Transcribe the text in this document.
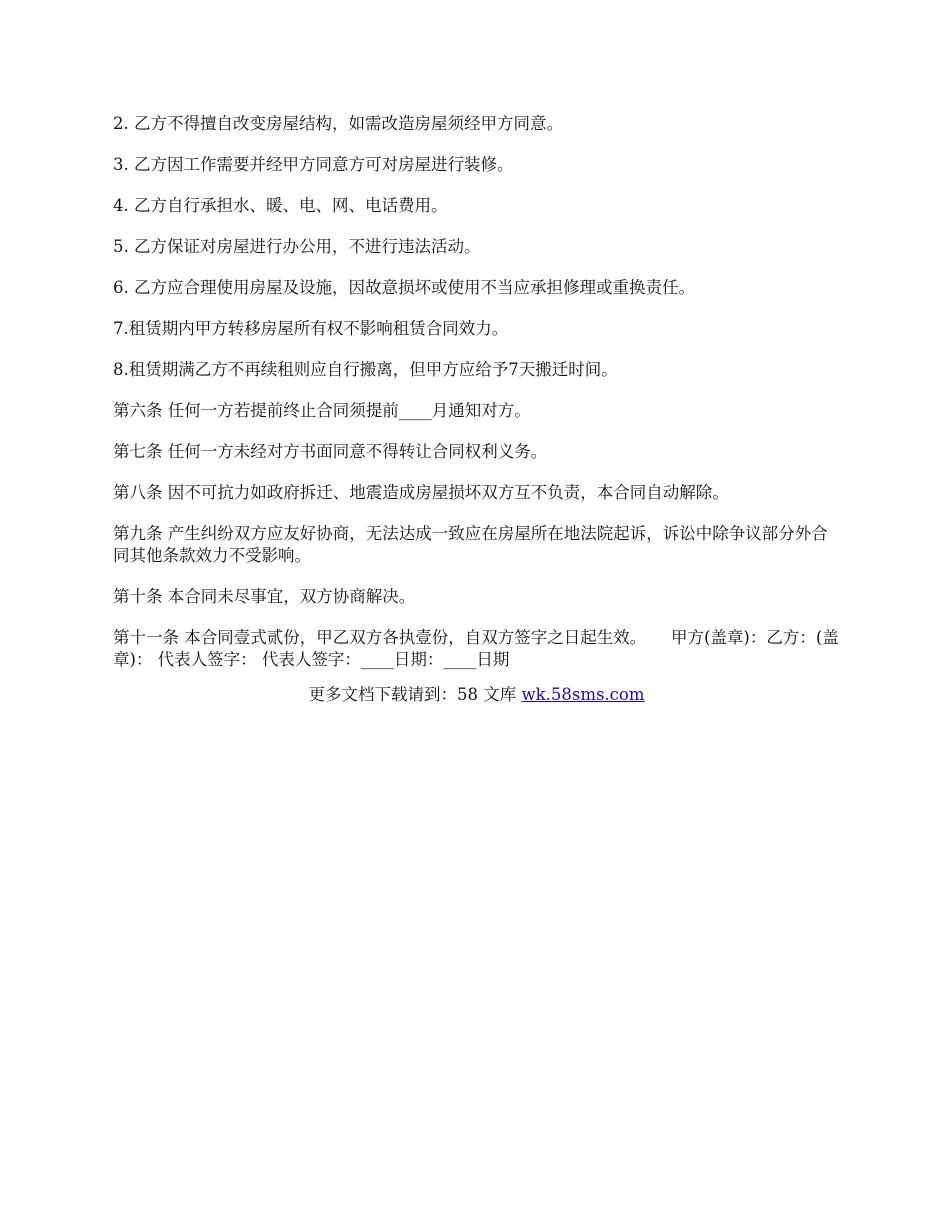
2. 乙方不得擅自改变房屋结构，如需改造房屋须经甲方同意。

3. 乙方因工作需要并经甲方同意方可对房屋进行装修。

4. 乙方自行承担水、暖、电、网、电话费用。

5. 乙方保证对房屋进行办公用，不进行违法活动。

6. 乙方应合理使用房屋及设施，因故意损坏或使用不当应承担修理或重换责任。

7.租赁期内甲方转移房屋所有权不影响租赁合同效力。

8.租赁期满乙方不再续租则应自行搬离，但甲方应给予7天搬迁时间。

第六条 任何一方若提前终止合同须提前____月通知对方。

第七条 任何一方未经对方书面同意不得转让合同权利义务。

第八条 因不可抗力如政府拆迁、地震造成房屋损坏双方互不负责，本合同自动解除。

第九条 产生纠纷双方应友好协商，无法达成一致应在房屋所在地法院起诉，诉讼中除争议部分外合同其他条款效力不受影响。

第十条 本合同未尽事宜，双方协商解决。

第十一条 本合同壹式贰份，甲乙双方各执壹份，自双方签字之日起生效。　　甲方(盖章)：乙方：(盖章)： 代表人签字： 代表人签字：____日期：____日期

更多文档下载请到：58 文库 wk.58sms.com
